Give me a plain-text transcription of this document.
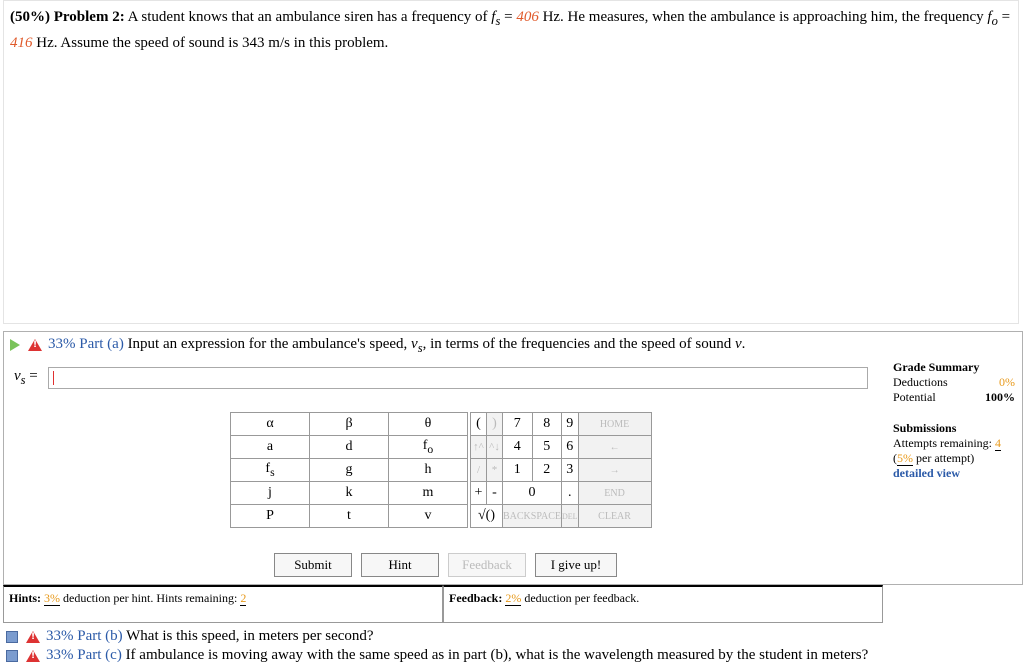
(50%) Problem 2: A student knows that an ambulance siren has a frequency of $f_s = 406$ Hz. He measures, when the ambulance is approaching him, the frequency $f_o = 416$ Hz. Assume the speed of sound is 343 m/s in this problem.
!33% Part (a) Input an expression for the ambulance's speed, $v_s$, in terms of the frequencies and the speed of sound v.
$v_s$ =
Grade Summary
Deductions	0%
Potential	100%
Submissions
Attempts remaining: 4
(5% per attempt)
detailed view
α	β	θ
a	d	$f_o$
$f_s$	g	h
j	k	m
P	t	v
(	)	7	8	9	HOME
↑^	^↓	4	5	6	←
/	*	1	2	3	→
+	-	0		.	END
√()		BACKSPACE		DEL	CLEAR
Submit	Hint	Feedback	I give up!
Hints: 3% deduction per hint. Hints remaining: 2	Feedback: 2% deduction per feedback.
!33% Part (b) What is this speed, in meters per second?
!33% Part (c) If ambulance is moving away with the same speed as in part (b), what is the wavelength measured by the student in meters?
